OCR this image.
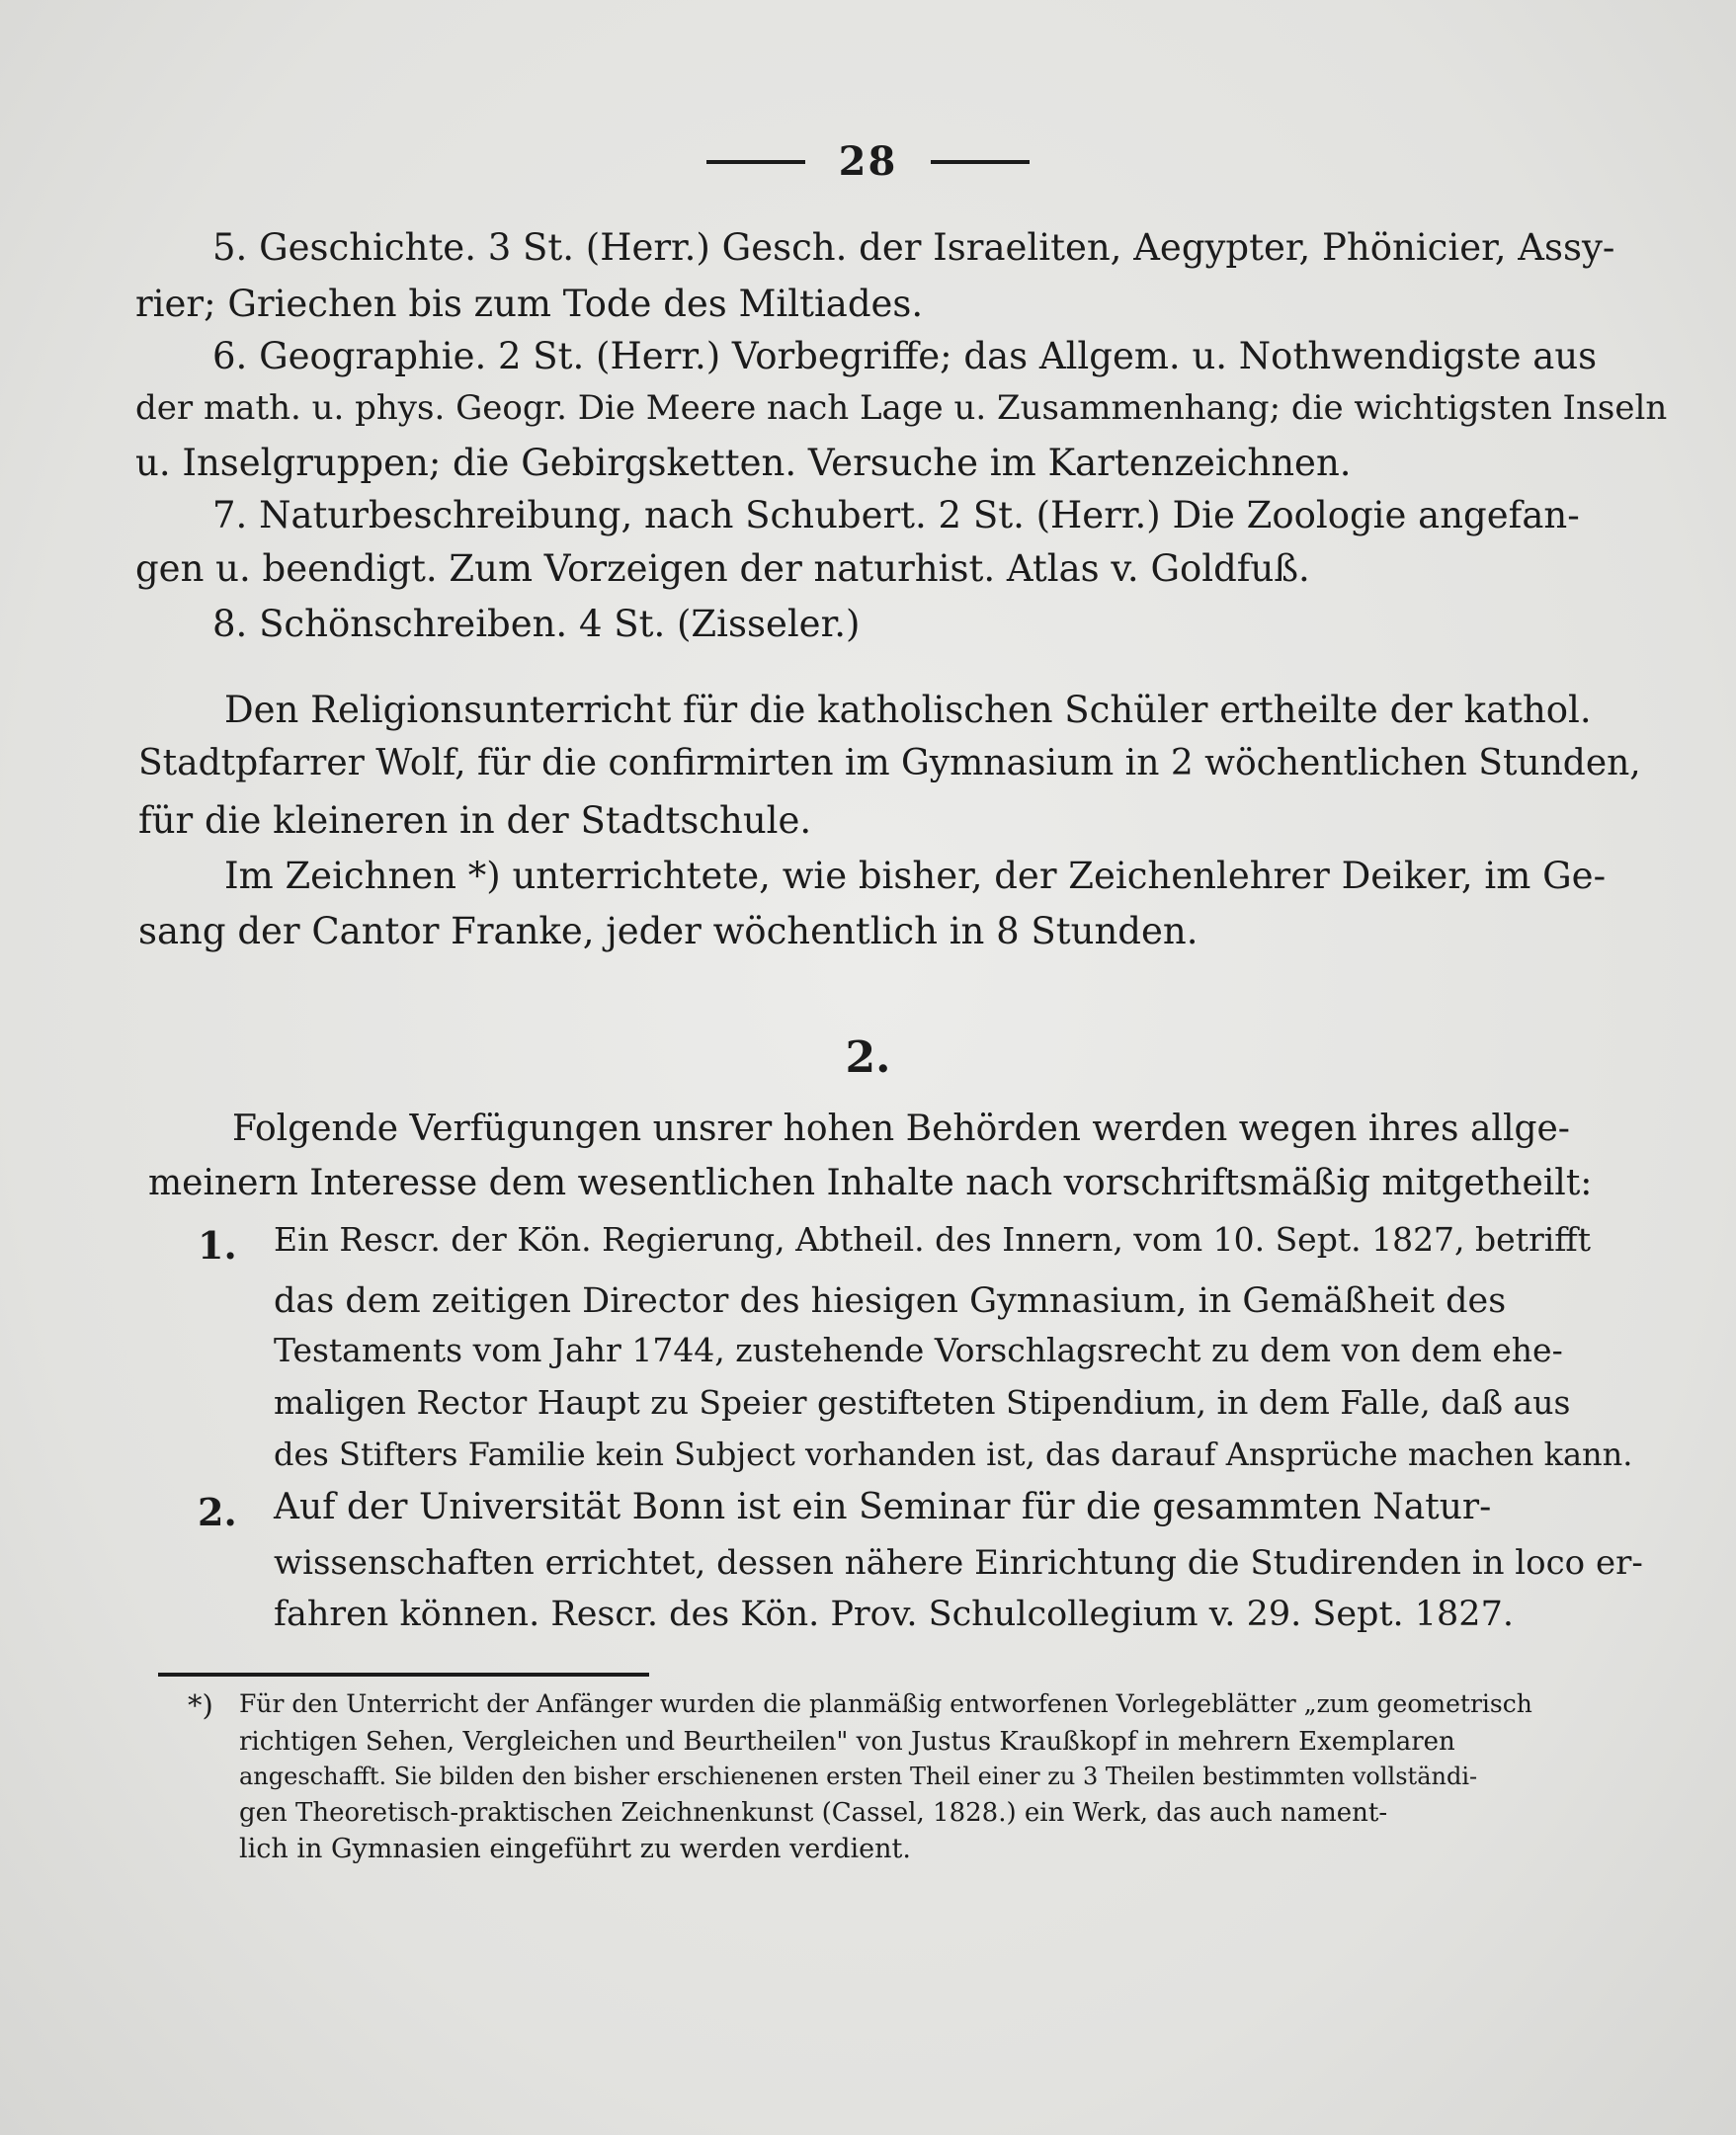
28
5. Geschichte. 3 St. (Herr.) Gesch. der Israeliten, Aegypter, Phönicier, Assy-
rier; Griechen bis zum Tode des Miltiades.
6. Geographie. 2 St. (Herr.) Vorbegriffe; das Allgem. u. Nothwendigste aus
der math. u. phys. Geogr. Die Meere nach Lage u. Zusammenhang; die wichtigsten Inseln
u. Inselgruppen; die Gebirgsketten. Versuche im Kartenzeichnen.
7. Naturbeschreibung, nach Schubert. 2 St. (Herr.) Die Zoologie angefan-
gen u. beendigt. Zum Vorzeigen der naturhist. Atlas v. Goldfuß.
8. Schönschreiben. 4 St. (Zisseler.)
Den Religionsunterricht für die katholischen Schüler ertheilte der kathol.
Stadtpfarrer Wolf, für die confirmirten im Gymnasium in 2 wöchentlichen Stunden,
für die kleineren in der Stadtschule.
Im Zeichnen *) unterrichtete, wie bisher, der Zeichenlehrer Deiker, im Ge-
sang der Cantor Franke, jeder wöchentlich in 8 Stunden.
2.
Folgende Verfügungen unsrer hohen Behörden werden wegen ihres allge-
meinern Interesse dem wesentlichen Inhalte nach vorschriftsmäßig mitgetheilt:
1. Ein Rescr. der Kön. Regierung, Abtheil. des Innern, vom 10. Sept. 1827, betrifft
das dem zeitigen Director des hiesigen Gymnasium, in Gemäßheit des
Testaments vom Jahr 1744, zustehende Vorschlagsrecht zu dem von dem ehe-
maligen Rector Haupt zu Speier gestifteten Stipendium, in dem Falle, daß aus
des Stifters Familie kein Subject vorhanden ist, das darauf Ansprüche machen kann.
2. Auf der Universität Bonn ist ein Seminar für die gesammten Natur-
wissenschaften errichtet, dessen nähere Einrichtung die Studirenden in loco er-
fahren können. Rescr. des Kön. Prov. Schulcollegium v. 29. Sept. 1827.
*) Für den Unterricht der Anfänger wurden die planmäßig entworfenen Vorlegeblätter „zum geometrisch
richtigen Sehen, Vergleichen und Beurtheilen" von Justus Kraußkopf in mehrern Exemplaren
angeschafft. Sie bilden den bisher erschienenen ersten Theil einer zu 3 Theilen bestimmten vollständi-
gen Theoretisch-praktischen Zeichnenkunst (Cassel, 1828.) ein Werk, das auch nament-
lich in Gymnasien eingeführt zu werden verdient.
